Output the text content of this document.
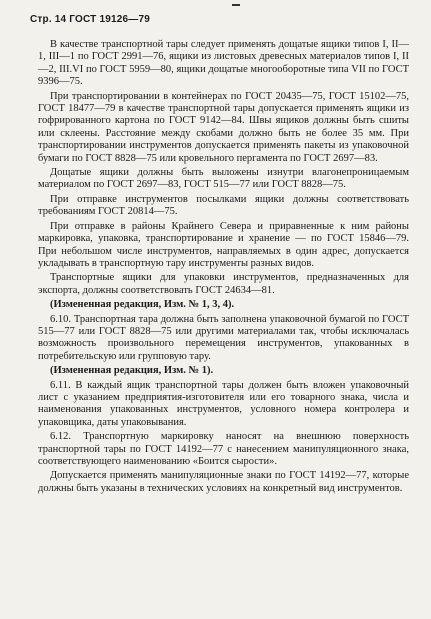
Стр. 14 ГОСТ 19126—79

В качестве транспортной тары следует применять дощатые ящики типов I, II—1, III—1 по ГОСТ 2991—76, ящики из листовых древесных материалов типов I, II—2, III.VI по ГОСТ 5959—80, ящики дощатые многооборотные типа VII по ГОСТ 9396—75.

При транспортировании в контейнерах по ГОСТ 20435—75, ГОСТ 15102—75, ГОСТ 18477—79 в качестве транспортной тары допускается применять ящики из гофрированного картона по ГОСТ 9142—84. Швы ящиков должны быть сшиты или склеены. Расстояние между скобами должно быть не более 35 мм. При транспортировании инструментов допускается применять пакеты из упаковочной бумаги по ГОСТ 8828—75 или кровельного пергамента по ГОСТ 2697—83.

Дощатые ящики должны быть выложены изнутри влагонепроницаемым материалом по ГОСТ 2697—83, ГОСТ 515—77 или ГОСТ 8828—75.

При отправке инструментов посылками ящики должны соответствовать требованиям ГОСТ 20814—75.

При отправке в районы Крайнего Севера и приравненные к ним районы маркировка, упаковка, транспортирование и хранение — по ГОСТ 15846—79. При небольшом числе инструментов, направляемых в один адрес, допускается укладывать в транспортную тару инструменты разных видов.

Транспортные ящики для упаковки инструментов, предназначенных для экспорта, должны соответствовать ГОСТ 24634—81.

(Измененная редакция, Изм. № 1, 3, 4).

6.10. Транспортная тара должна быть заполнена упаковочной бумагой по ГОСТ 515—77 или ГОСТ 8828—75 или другими материалами так, чтобы исключалась возможность произвольного перемещения инструментов, упакованных в потребительскую или групповую тару.

(Измененная редакция, Изм. № 1).

6.11. В каждый ящик транспортной тары должен быть вложен упаковочный лист с указанием предприятия-изготовителя или его товарного знака, числа и наименования упакованных инструментов, условного номера контролера и упаковщика, даты упаковывания.

6.12. Транспортную маркировку наносят на внешнюю поверхность транспортной тары по ГОСТ 14192—77 с нанесением манипуляционного знака, соответствующего наименованию «Боится сырости».

Допускается применять манипуляционные знаки по ГОСТ 14192—77, которые должны быть указаны в технических условиях на конкретный вид инструментов.
